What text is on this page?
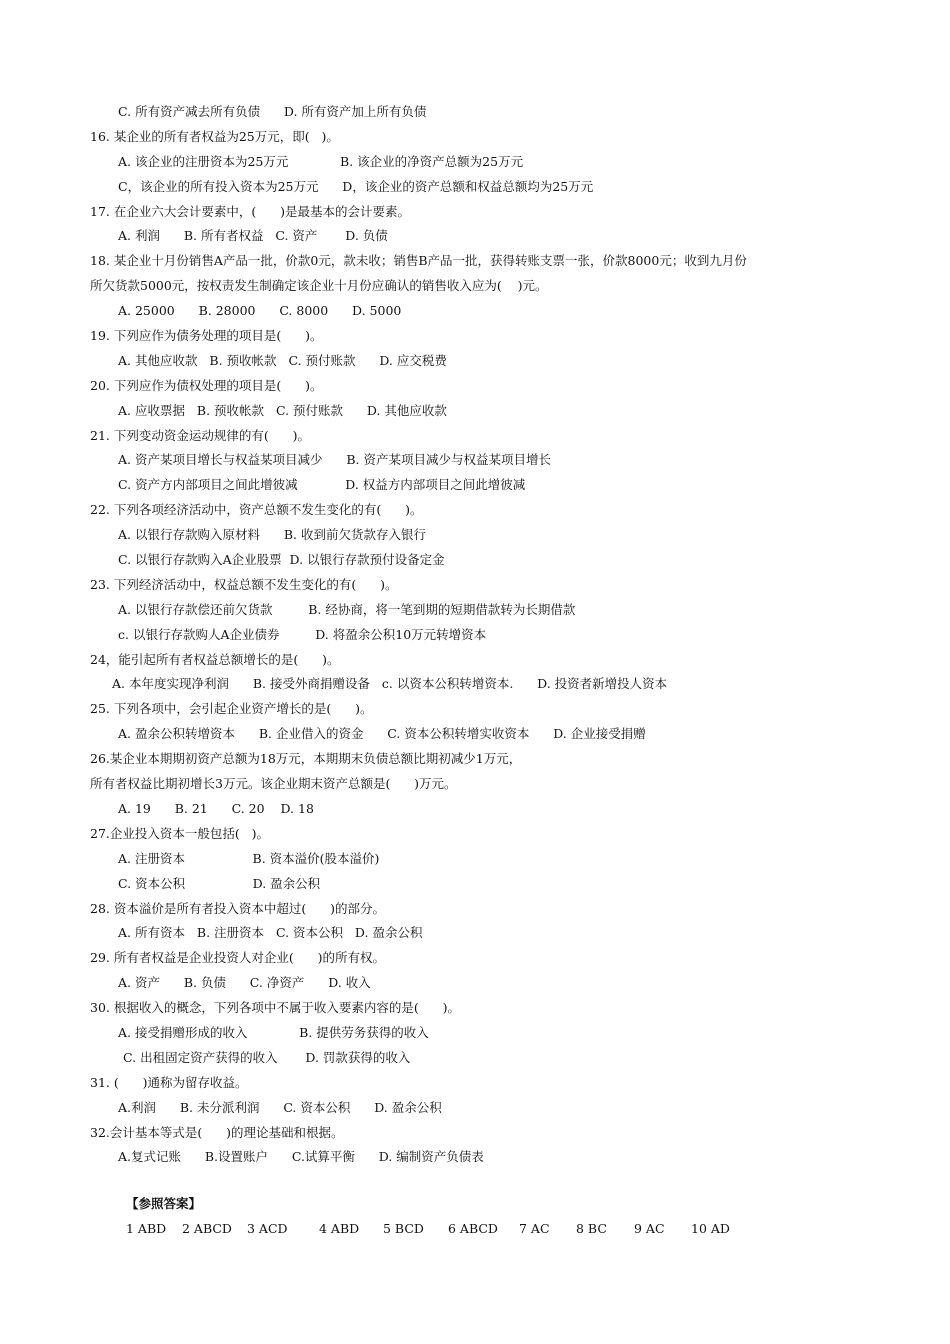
C. 所有资产减去所有负债      D. 所有资产加上所有负债
16. 某企业的所有者权益为25万元，即(   )。
A. 该企业的注册资本为25万元             B. 该企业的净资产总额为25万元
C，该企业的所有投入资本为25万元      D，该企业的资产总额和权益总额均为25万元
17. 在企业六大会计要素中，(      )是最基本的会计要素。
A. 利润      B. 所有者权益   C. 资产       D. 负债
18. 某企业十月份销售A产品一批，价款0元，款未收；销售B产品一批，获得转账支票一张，价款8000元；收到九月份
所欠货款5000元，按权责发生制确定该企业十月份应确认的销售收入应为(    )元。
A. 25000      B. 28000      C. 8000      D. 5000
19. 下列应作为债务处理的项目是(      )。
A. 其他应收款   B. 预收帐款   C. 预付账款      D. 应交税费
20. 下列应作为债权处理的项目是(      )。
A. 应收票据   B. 预收帐款   C. 预付账款      D. 其他应收款
21. 下列变动资金运动规律的有(      )。
A. 资产某项目增长与权益某项目减少      B. 资产某项目减少与权益某项目增长
C. 资产方内部项目之间此增彼减            D. 权益方内部项目之间此增彼减
22. 下列各项经济活动中，资产总额不发生变化的有(      )。
A. 以银行存款购入原材料      B. 收到前欠货款存入银行
C. 以银行存款购入A企业股票  D. 以银行存款预付设备定金
23. 下列经济活动中，权益总额不发生变化的有(      )。
A. 以银行存款偿还前欠货款         B. 经协商，将一笔到期的短期借款转为长期借款
c. 以银行存款购人A企业债券         D. 将盈余公积10万元转增资本
24，能引起所有者权益总额增长的是(      )。
A. 本年度实现净利润      B. 接受外商捐赠设备   c. 以资本公积转增资本.      D. 投资者新增投人资本
25. 下列各项中，会引起企业资产增长的是(      )。
A. 盈余公积转增资本      B. 企业借入的资金      C. 资本公积转增实收资本      D. 企业接受捐赠
26.某企业本期期初资产总额为18万元，本期期末负债总额比期初减少1万元，
所有者权益比期初增长3万元。该企业期末资产总额是(      )万元。
A. 19      B. 21      C. 20    D. 18
27.企业投入资本一般包括(   )。
A. 注册资本                 B. 资本溢价(股本溢价)
C. 资本公积                 D. 盈余公积
28. 资本溢价是所有者投入资本中超过(      )的部分。
A. 所有资本   B. 注册资本   C. 资本公积   D. 盈余公积
29. 所有者权益是企业投资人对企业(      )的所有权。
A. 资产      B. 负债      C. 净资产      D. 收入
30. 根据收入的概念，下列各项中不属于收入要素内容的是(      )。
A. 接受捐赠形成的收入             B. 提供劳务获得的收入
C. 出租固定资产获得的收入       D. 罚款获得的收入
31. (      )通称为留存收益。
A.利润      B. 未分派利润      C. 资本公积      D. 盈余公积
32.会计基本等式是(      )的理论基础和根据。
A.复式记账      B.设置账户      C.试算平衡      D. 编制资产负债表
【参照答案】
1 ABD 2 ABCD 3 ACD	4 ABD 5 BCD 6 ABCD 7 AC 8 BC 9 AC 10 AD
